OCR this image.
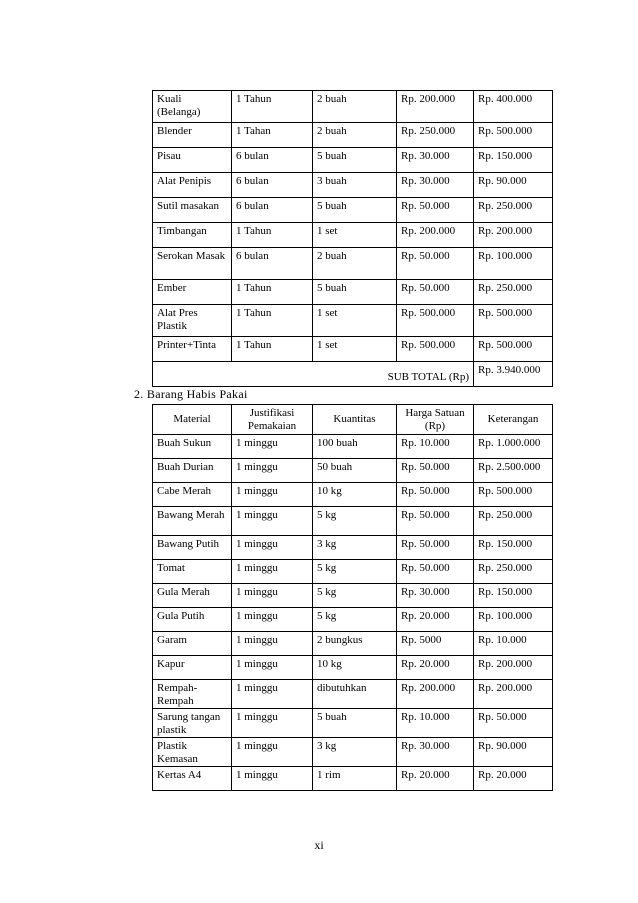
Kuali (Belanga)	1 Tahun	2 buah	Rp. 200.000	Rp. 400.000
Blender	1 Tahan	2 buah	Rp. 250.000	Rp. 500.000
Pisau	6 bulan	5 buah	Rp. 30.000	Rp. 150.000
Alat Penipis	6 bulan	3 buah	Rp. 30.000	Rp. 90.000
Sutil masakan	6 bulan	5 buah	Rp. 50.000	Rp. 250.000
Timbangan	1 Tahun	1 set	Rp. 200.000	Rp. 200.000
Serokan Masak	6 bulan	2 buah	Rp. 50.000	Rp. 100.000
Ember	1 Tahun	5 buah	Rp. 50.000	Rp. 250.000
Alat Pres Plastik	1 Tahun	1 set	Rp. 500.000	Rp. 500.000
Printer+Tinta	1 Tahun	1 set	Rp. 500.000	Rp. 500.000
SUB TOTAL (Rp)				Rp. 3.940.000
2. Barang Habis Pakai
Material	Justifikasi Pemakaian	Kuantitas	Harga Satuan (Rp)	Keterangan
Buah Sukun	1 minggu	100 buah	Rp. 10.000	Rp. 1.000.000
Buah Durian	1 minggu	50 buah	Rp. 50.000	Rp. 2.500.000
Cabe Merah	1 minggu	10 kg	Rp. 50.000	Rp. 500.000
Bawang Merah	1 minggu	5 kg	Rp. 50.000	Rp. 250.000
Bawang Putih	1 minggu	3 kg	Rp. 50.000	Rp. 150.000
Tomat	1 minggu	5 kg	Rp. 50.000	Rp. 250.000
Gula Merah	1 minggu	5 kg	Rp. 30.000	Rp. 150.000
Gula Putih	1 minggu	5 kg	Rp. 20.000	Rp. 100.000
Garam	1 minggu	2 bungkus	Rp. 5000	Rp. 10.000
Kapur	1 minggu	10 kg	Rp. 20.000	Rp. 200.000
Rempah-Rempah	1 minggu	dibutuhkan	Rp. 200.000	Rp. 200.000
Sarung tangan plastik	1 minggu	5 buah	Rp. 10.000	Rp. 50.000
Plastik Kemasan	1 minggu	3 kg	Rp. 30.000	Rp. 90.000
Kertas A4	1 minggu	1 rim	Rp. 20.000	Rp. 20.000
xi
